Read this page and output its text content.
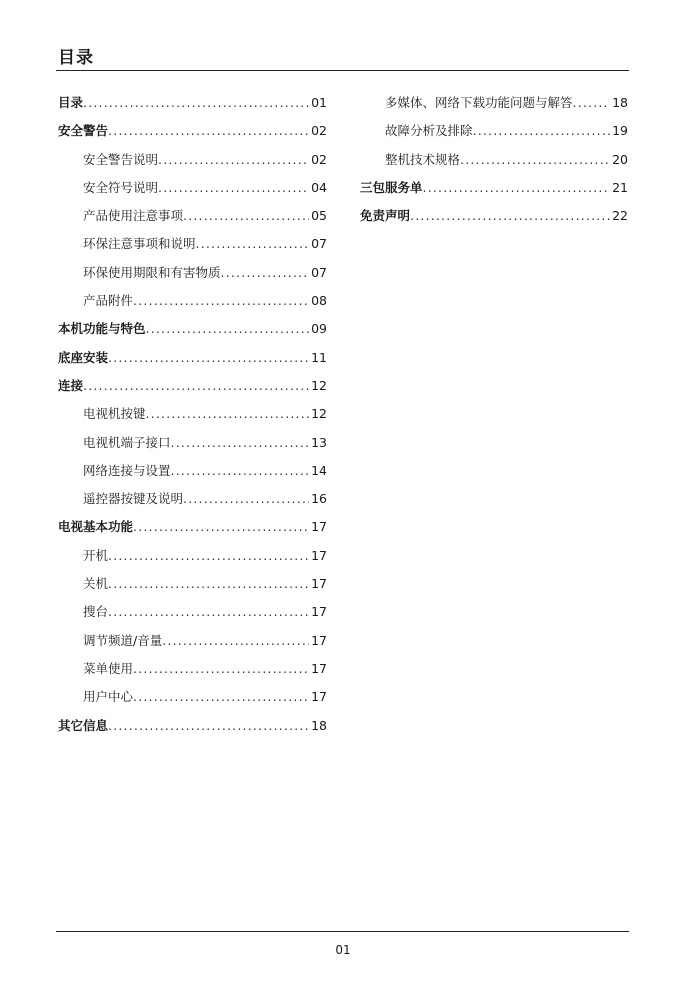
目录
目录 .....	01
安全警告 .....	02
安全警告说明 .....	02
安全符号说明 .....	04
产品使用注意事项 .....	05
环保注意事项和说明 .....	07
环保使用期限和有害物质 .....	07
产品附件 .....	08
本机功能与特色 .....	09
底座安装 .....	11
连接 .....	12
电视机按键 .....	12
电视机端子接口 .....	13
网络连接与设置 .....	14
遥控器按键及说明 .....	16
电视基本功能 .....	17
开机 .....	17
关机 .....	17
搜台 .....	17
调节频道/音量 .....	17
菜单使用 .....	17
用户中心 .....	17
其它信息 .....	18
多媒体、网络下载功能问题与解答 .....	18
故障分析及排除 .....	19
整机技术规格 .....	20
三包服务单 .....	21
免责声明 .....	22
01
